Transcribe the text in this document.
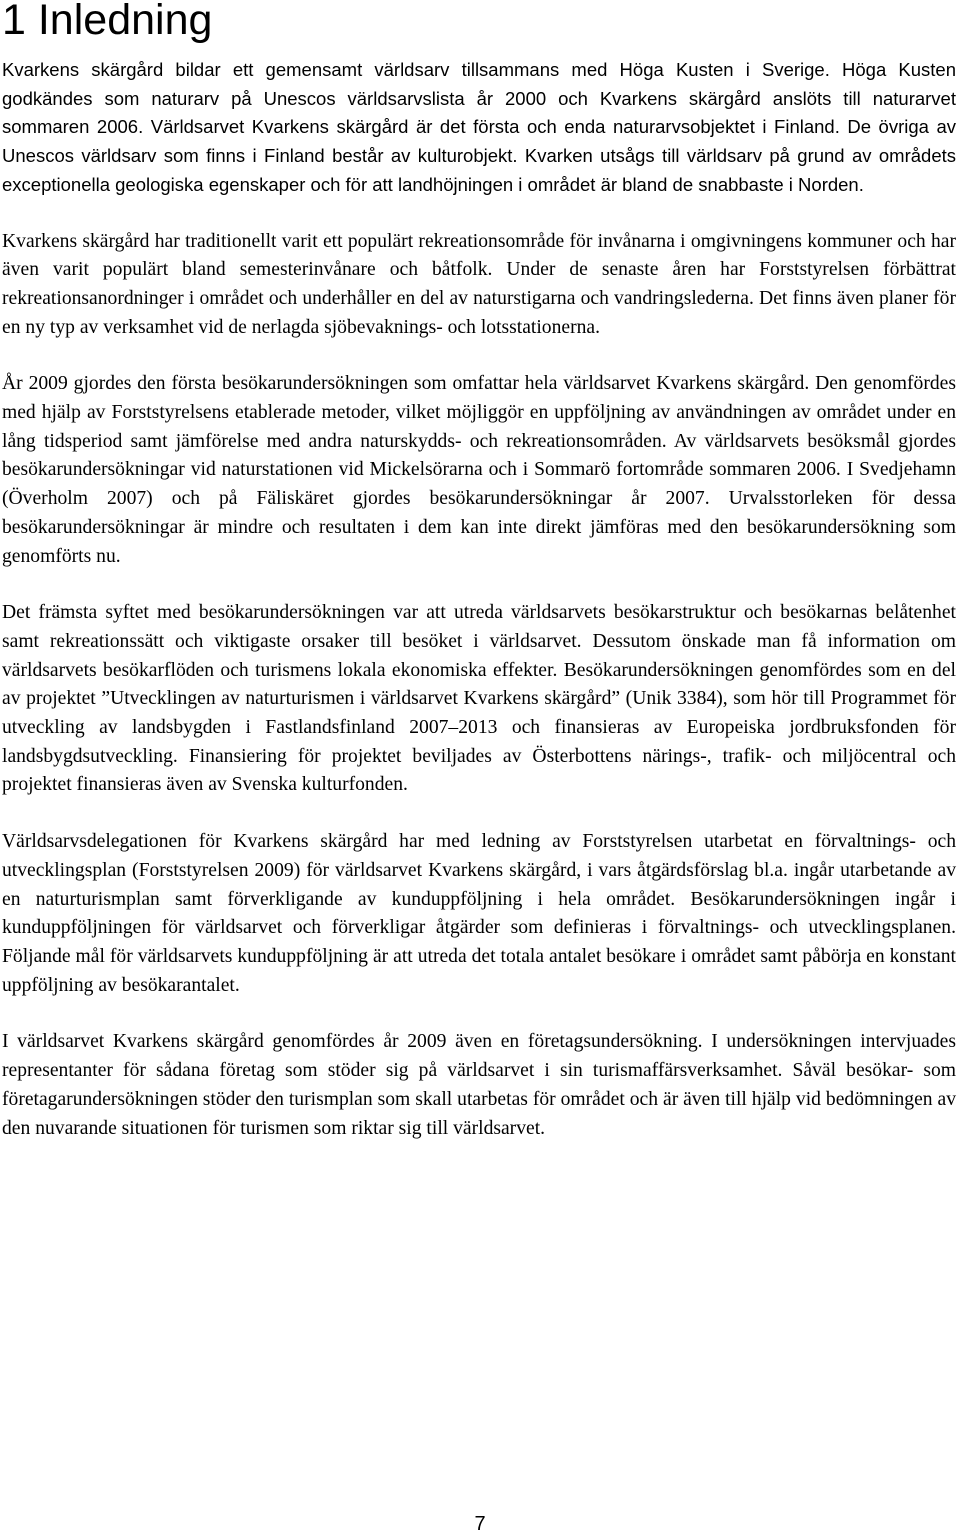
1 Inledning

Kvarkens skärgård bildar ett gemensamt världsarv tillsammans med Höga Kusten i Sverige. Höga Kusten godkändes som naturarv på Unescos världsarvslista år 2000 och Kvarkens skärgård anslöts till naturarvet sommaren 2006. Världsarvet Kvarkens skärgård är det första och enda naturarvsobjektet i Finland. De övriga av Unescos världsarv som finns i Finland består av kulturobjekt. Kvarken utsågs till världsarv på grund av områdets exceptionella geologiska egenskaper och för att landhöjningen i området är bland de snabbaste i Norden.

Kvarkens skärgård har traditionellt varit ett populärt rekreationsområde för invånarna i omgivningens kommuner och har även varit populärt bland semesterinvånare och båtfolk. Under de senaste åren har Forststyrelsen förbättrat rekreationsanordninger i området och underhåller en del av naturstigarna och vandringslederna. Det finns även planer för en ny typ av verksamhet vid de nerlagda sjöbevaknings- och lotsstationerna.

År 2009 gjordes den första besökarundersökningen som omfattar hela världsarvet Kvarkens skärgård. Den genomfördes med hjälp av Forststyrelsens etablerade metoder, vilket möjliggör en uppföljning av användningen av området under en lång tidsperiod samt jämförelse med andra naturskydds- och rekreationsområden. Av världsarvets besöksmål gjordes besökarundersökningar vid naturstationen vid Mickelsörarna och i Sommarö fortområde sommaren 2006. I Svedjehamn (Överholm 2007) och på Fäliskäret gjordes besökarundersökningar år 2007. Urvalsstorleken för dessa besökarundersökningar är mindre och resultaten i dem kan inte direkt jämföras med den besökarundersökning som genomförts nu.

Det främsta syftet med besökarundersökningen var att utreda världsarvets besökarstruktur och besökarnas belåtenhet samt rekreationssätt och viktigaste orsaker till besöket i världsarvet. Dessutom önskade man få information om världsarvets besökarflöden och turismens lokala ekonomiska effekter. Besökarundersökningen genomfördes som en del av projektet ”Utvecklingen av naturturismen i världsarvet Kvarkens skärgård” (Unik 3384), som hör till Programmet för utveckling av landsbygden i Fastlandsfinland 2007–2013 och finansieras av Europeiska jordbruksfonden för landsbygdsutveckling. Finansiering för projektet beviljades av Österbottens närings-, trafik- och miljöcentral och projektet finansieras även av Svenska kulturfonden.

Världsarvsdelegationen för Kvarkens skärgård har med ledning av Forststyrelsen utarbetat en förvaltnings- och utvecklingsplan (Forststyrelsen 2009) för världsarvet Kvarkens skärgård, i vars åtgärdsförslag bl.a. ingår utarbetande av en naturturismplan samt förverkligande av kunduppföljning i hela området. Besökarundersökningen ingår i kunduppföljningen för världsarvet och förverkligar åtgärder som definieras i förvaltnings- och utvecklingsplanen. Följande mål för världsarvets kunduppföljning är att utreda det totala antalet besökare i området samt påbörja en konstant uppföljning av besökarantalet.

I världsarvet Kvarkens skärgård genomfördes år 2009 även en företagsundersökning. I undersökningen intervjuades representanter för sådana företag som stöder sig på världsarvet i sin turismaffärsverksamhet. Såväl besökar- som företagarundersökningen stöder den turismplan som skall utarbetas för området och är även till hjälp vid bedömningen av den nuvarande situationen för turismen som riktar sig till världsarvet.

7
